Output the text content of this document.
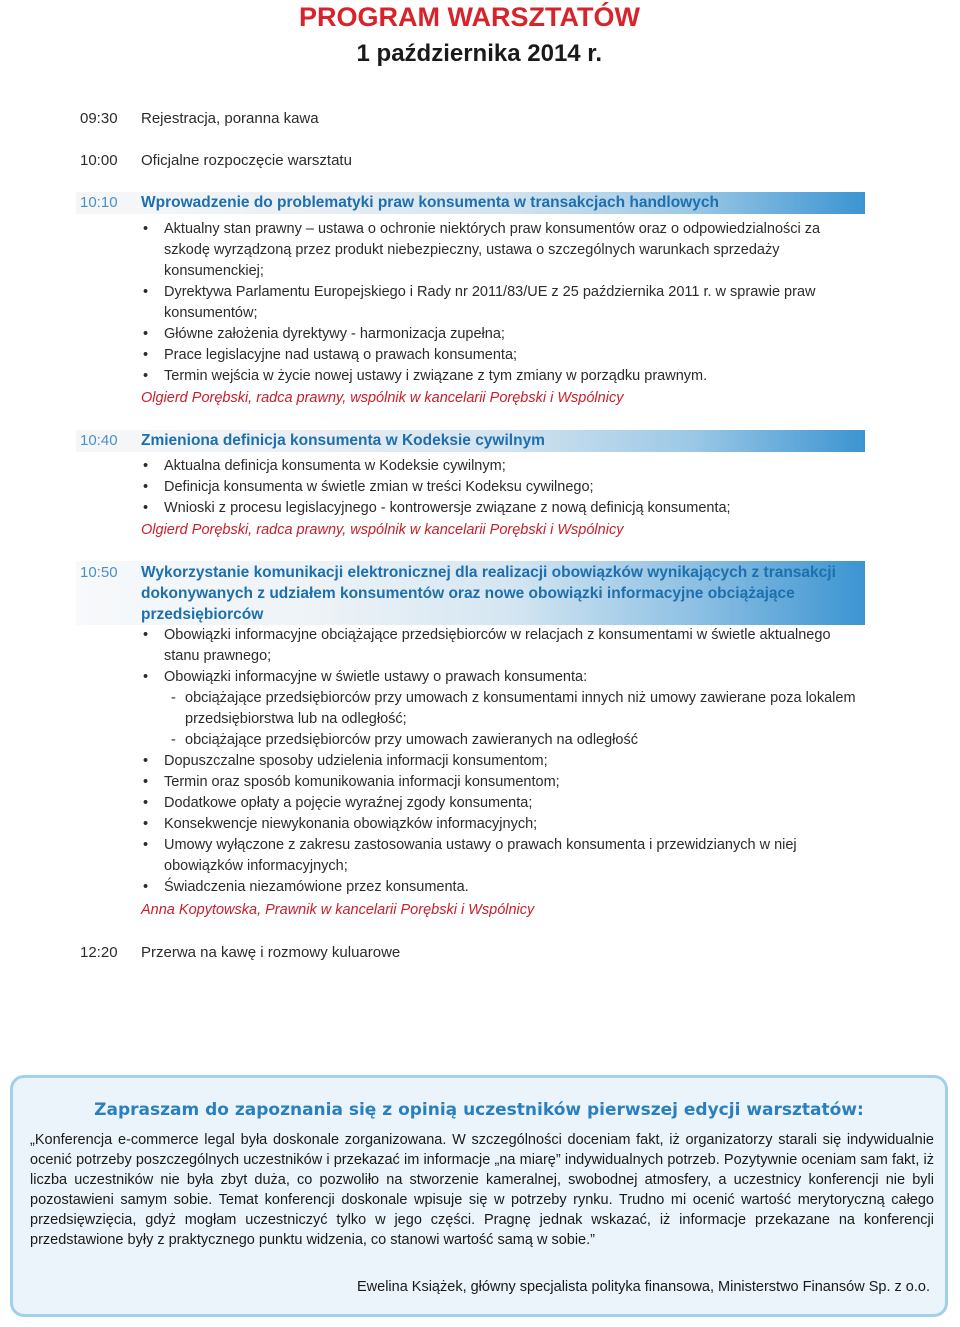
PROGRAM WARSZTATÓW
1 października 2014 r.
09:30 Rejestracja, poranna kawa
10:00 Oficjalne rozpoczęcie warsztatu
10:10 Wprowadzenie do problematyki praw konsumenta w transakcjach handlowych
• Aktualny stan prawny – ustawa o ochronie niektórych praw konsumentów oraz o odpowiedzialności za szkodę wyrządzoną przez produkt niebezpieczny, ustawa o szczególnych warunkach sprzedaży konsumenckiej;
• Dyrektywa Parlamentu Europejskiego i Rady nr 2011/83/UE z 25 października 2011 r. w sprawie praw konsumentów;
• Główne założenia dyrektywy - harmonizacja zupełna;
• Prace legislacyjne nad ustawą o prawach konsumenta;
• Termin wejścia w życie nowej ustawy i związane z tym zmiany w porządku prawnym.
Olgierd Porębski, radca prawny, wspólnik w kancelarii Porębski i Wspólnicy
10:40 Zmieniona definicja konsumenta w Kodeksie cywilnym
• Aktualna definicja konsumenta w Kodeksie cywilnym;
• Definicja konsumenta w świetle zmian w treści Kodeksu cywilnego;
• Wnioski z procesu legislacyjnego - kontrowersje związane z nową definicją konsumenta;
Olgierd Porębski, radca prawny, wspólnik w kancelarii Porębski i Wspólnicy
10:50 Wykorzystanie komunikacji elektronicznej dla realizacji obowiązków wynikających z transakcji dokonywanych z udziałem konsumentów oraz nowe obowiązki informacyjne obciążające przedsiębiorców
• Obowiązki informacyjne obciążające przedsiębiorców w relacjach z konsumentami w świetle aktualnego stanu prawnego;
• Obowiązki informacyjne w świetle ustawy o prawach konsumenta:
- obciążające przedsiębiorców przy umowach z konsumentami innych niż umowy zawierane poza lokalem przedsiębiorstwa lub na odległość;
- obciążające przedsiębiorców przy umowach zawieranych na odległość
• Dopuszczalne sposoby udzielenia informacji konsumentom;
• Termin oraz sposób komunikowania informacji konsumentom;
• Dodatkowe opłaty a pojęcie wyraźnej zgody konsumenta;
• Konsekwencje niewykonania obowiązków informacyjnych;
• Umowy wyłączone z zakresu zastosowania ustawy o prawach konsumenta i przewidzianych w niej obowiązków informacyjnych;
• Świadczenia niezamówione przez konsumenta.
Anna Kopytowska, Prawnik w kancelarii Porębski i Wspólnicy
12:20 Przerwa na kawę i rozmowy kuluarowe
Zapraszam do zapoznania się z opinią uczestników pierwszej edycji warsztatów:
„Konferencja e-commerce legal była doskonale zorganizowana. W szczególności doceniam fakt, iż organizatorzy starali się indywidualnie ocenić potrzeby poszczególnych uczestników i przekazać im informacje „na miarę” indywidualnych potrzeb. Pozytywnie oceniam sam fakt, iż liczba uczestników nie była zbyt duża, co pozwoliło na stworzenie kameralnej, swobodnej atmosfery, a uczestnicy konferencji nie byli pozostawieni samym sobie. Temat konferencji doskonale wpisuje się w potrzeby rynku. Trudno mi ocenić wartość merytoryczną całego przedsięwzięcia, gdyż mogłam uczestniczyć tylko w jego części. Pragnę jednak wskazać, iż informacje przekazane na konferencji przedstawione były z praktycznego punktu widzenia, co stanowi wartość samą w sobie.”
Ewelina Książek, główny specjalista polityka finansowa, Ministerstwo Finansów Sp. z o.o.
